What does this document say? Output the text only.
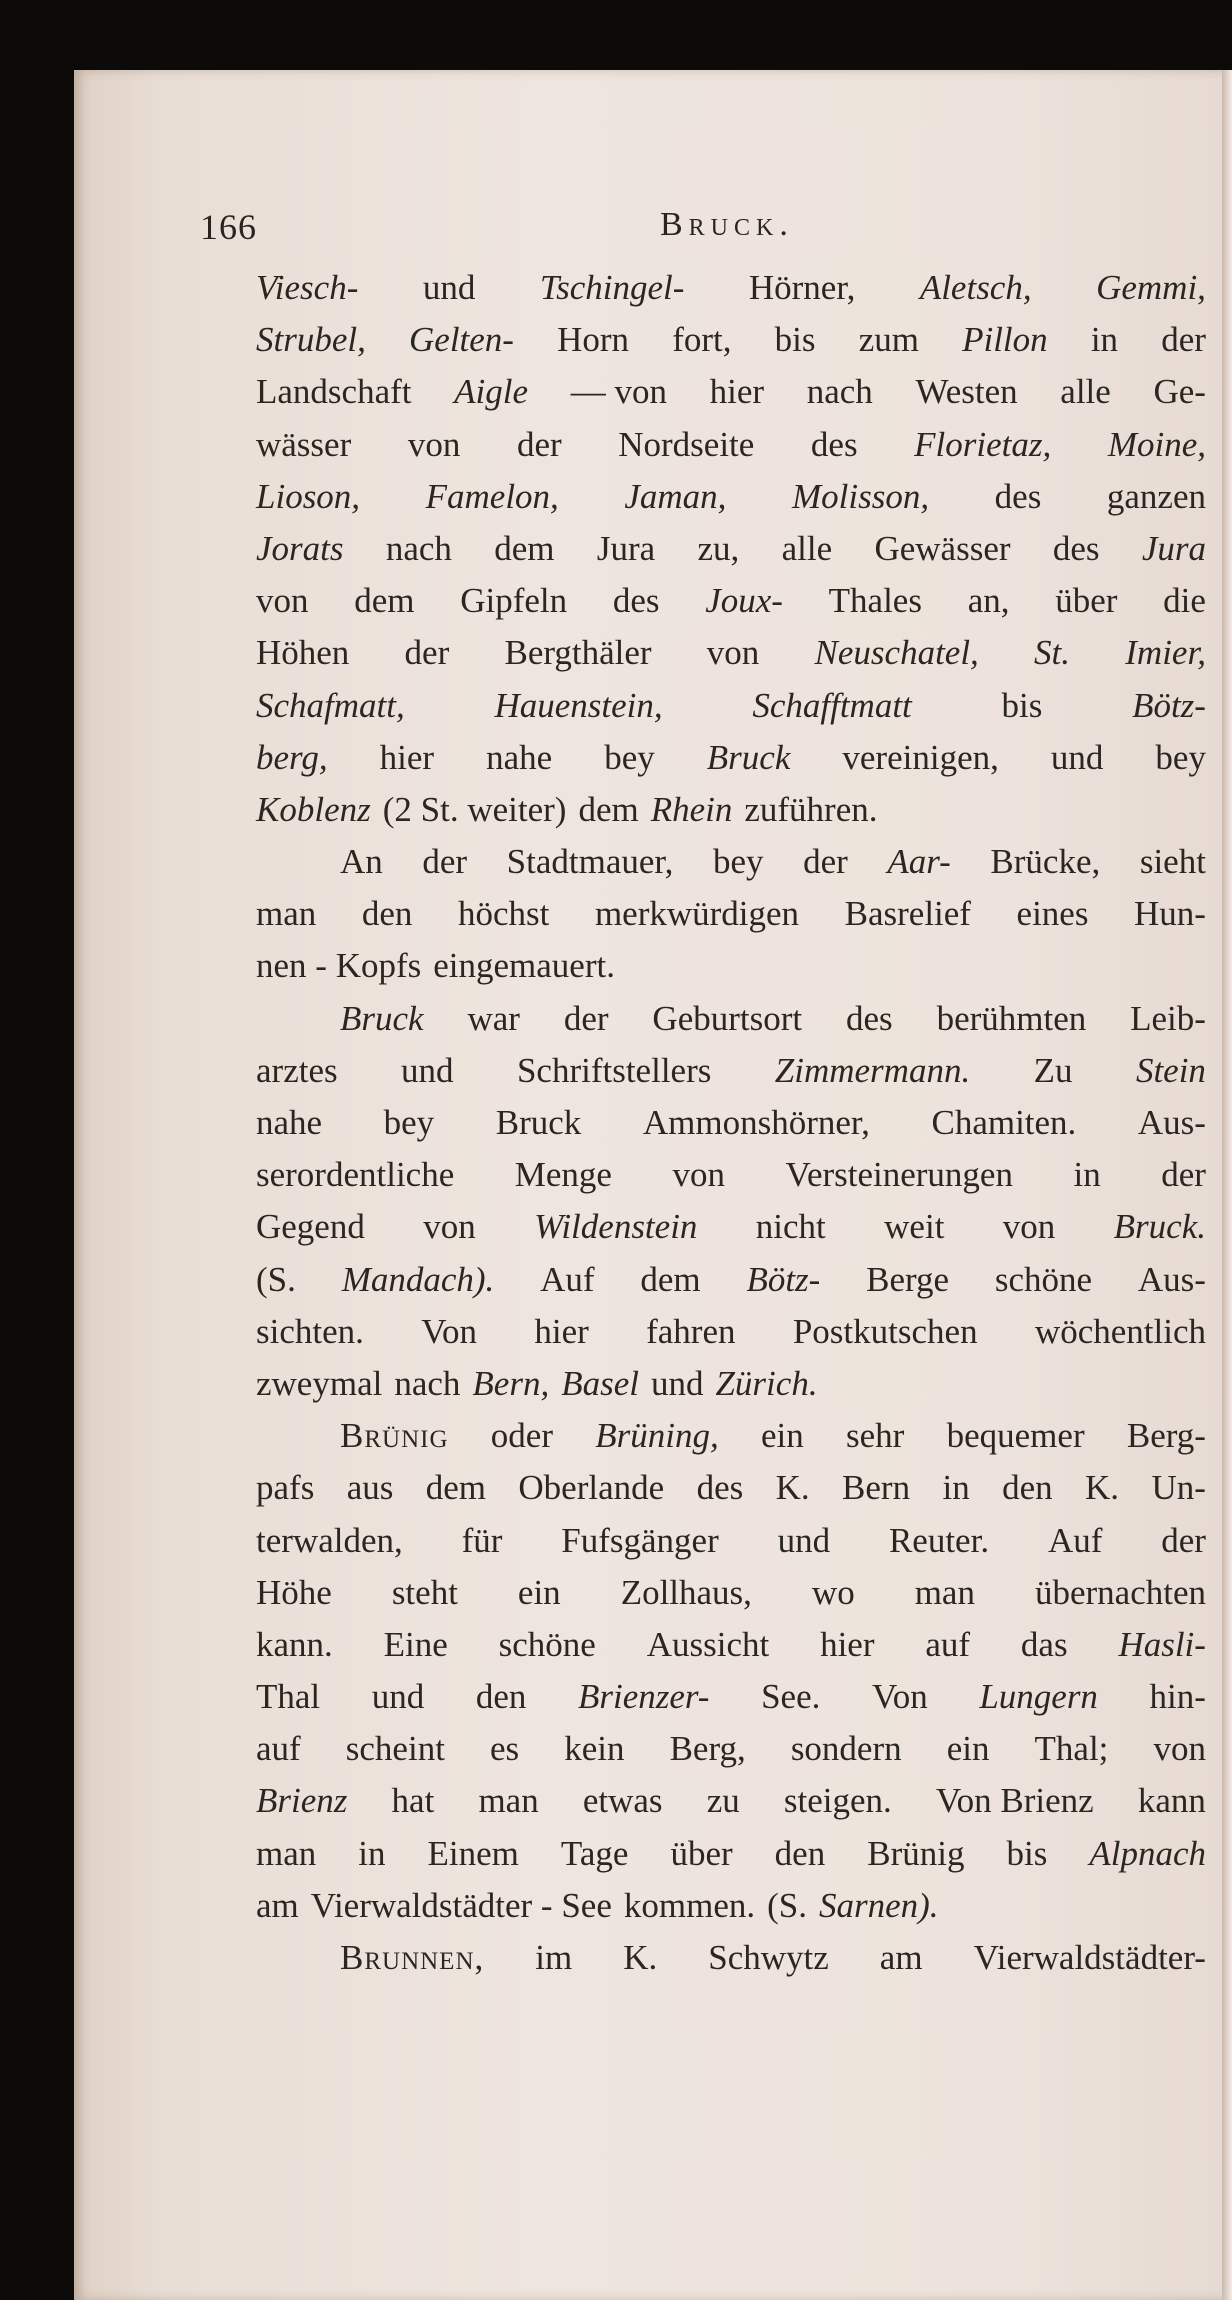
166	Bruck.
Viesch- und Tschingel- Hörner, Aletsch, Gemmi,
Strubel, Gelten- Horn fort, bis zum Pillon in der
Landschaft Aigle — von hier nach Westen alle Ge-
wässer von der Nordseite des Florietaz, Moine,
Lioson, Famelon, Jaman, Molisson, des ganzen
Jorats nach dem Jura zu, alle Gewässer des Jura
von dem Gipfeln des Joux- Thales an, über die
Höhen der Bergthäler von Neuschatel, St. Imier,
Schafmatt,	Hauenstein,	Schafftmatt	bis	Bötz-
berg, hier nahe bey Bruck vereinigen, und bey
Koblenz (2 St. weiter) dem Rhein zuführen.
An der Stadtmauer, bey der Aar- Brücke, sieht
man den höchst merkwürdigen Basrelief eines Hun-
nen - Kopfs eingemauert.
Bruck war der Geburtsort des berühmten Leib-
arztes und Schriftstellers Zimmermann. Zu Stein
nahe bey Bruck Ammonshörner, Chamiten. Aus-
serordentliche Menge von Versteinerungen in der
Gegend von Wildenstein nicht weit von Bruck.
(S. Mandach). Auf dem Bötz- Berge schöne Aus-
sichten. Von hier fahren Postkutschen wöchentlich
zweymal nach Bern, Basel und Zürich.
Brünig oder Brüning, ein sehr bequemer Berg-
pafs aus dem Oberlande des K. Bern in den K. Un-
terwalden, für Fufsgänger und Reuter. Auf der
Höhe steht ein Zollhaus, wo man übernachten
kann. Eine schöne Aussicht hier auf das Hasli-
Thal und den Brienzer- See. Von Lungern hin-
auf scheint es kein Berg, sondern ein Thal; von
Brienz hat man etwas zu steigen. Von Brienz kann
man in Einem Tage über den Brünig bis Alpnach
am Vierwaldstädter - See kommen. (S. Sarnen).
Brunnen, im K. Schwytz am Vierwaldstädter-
